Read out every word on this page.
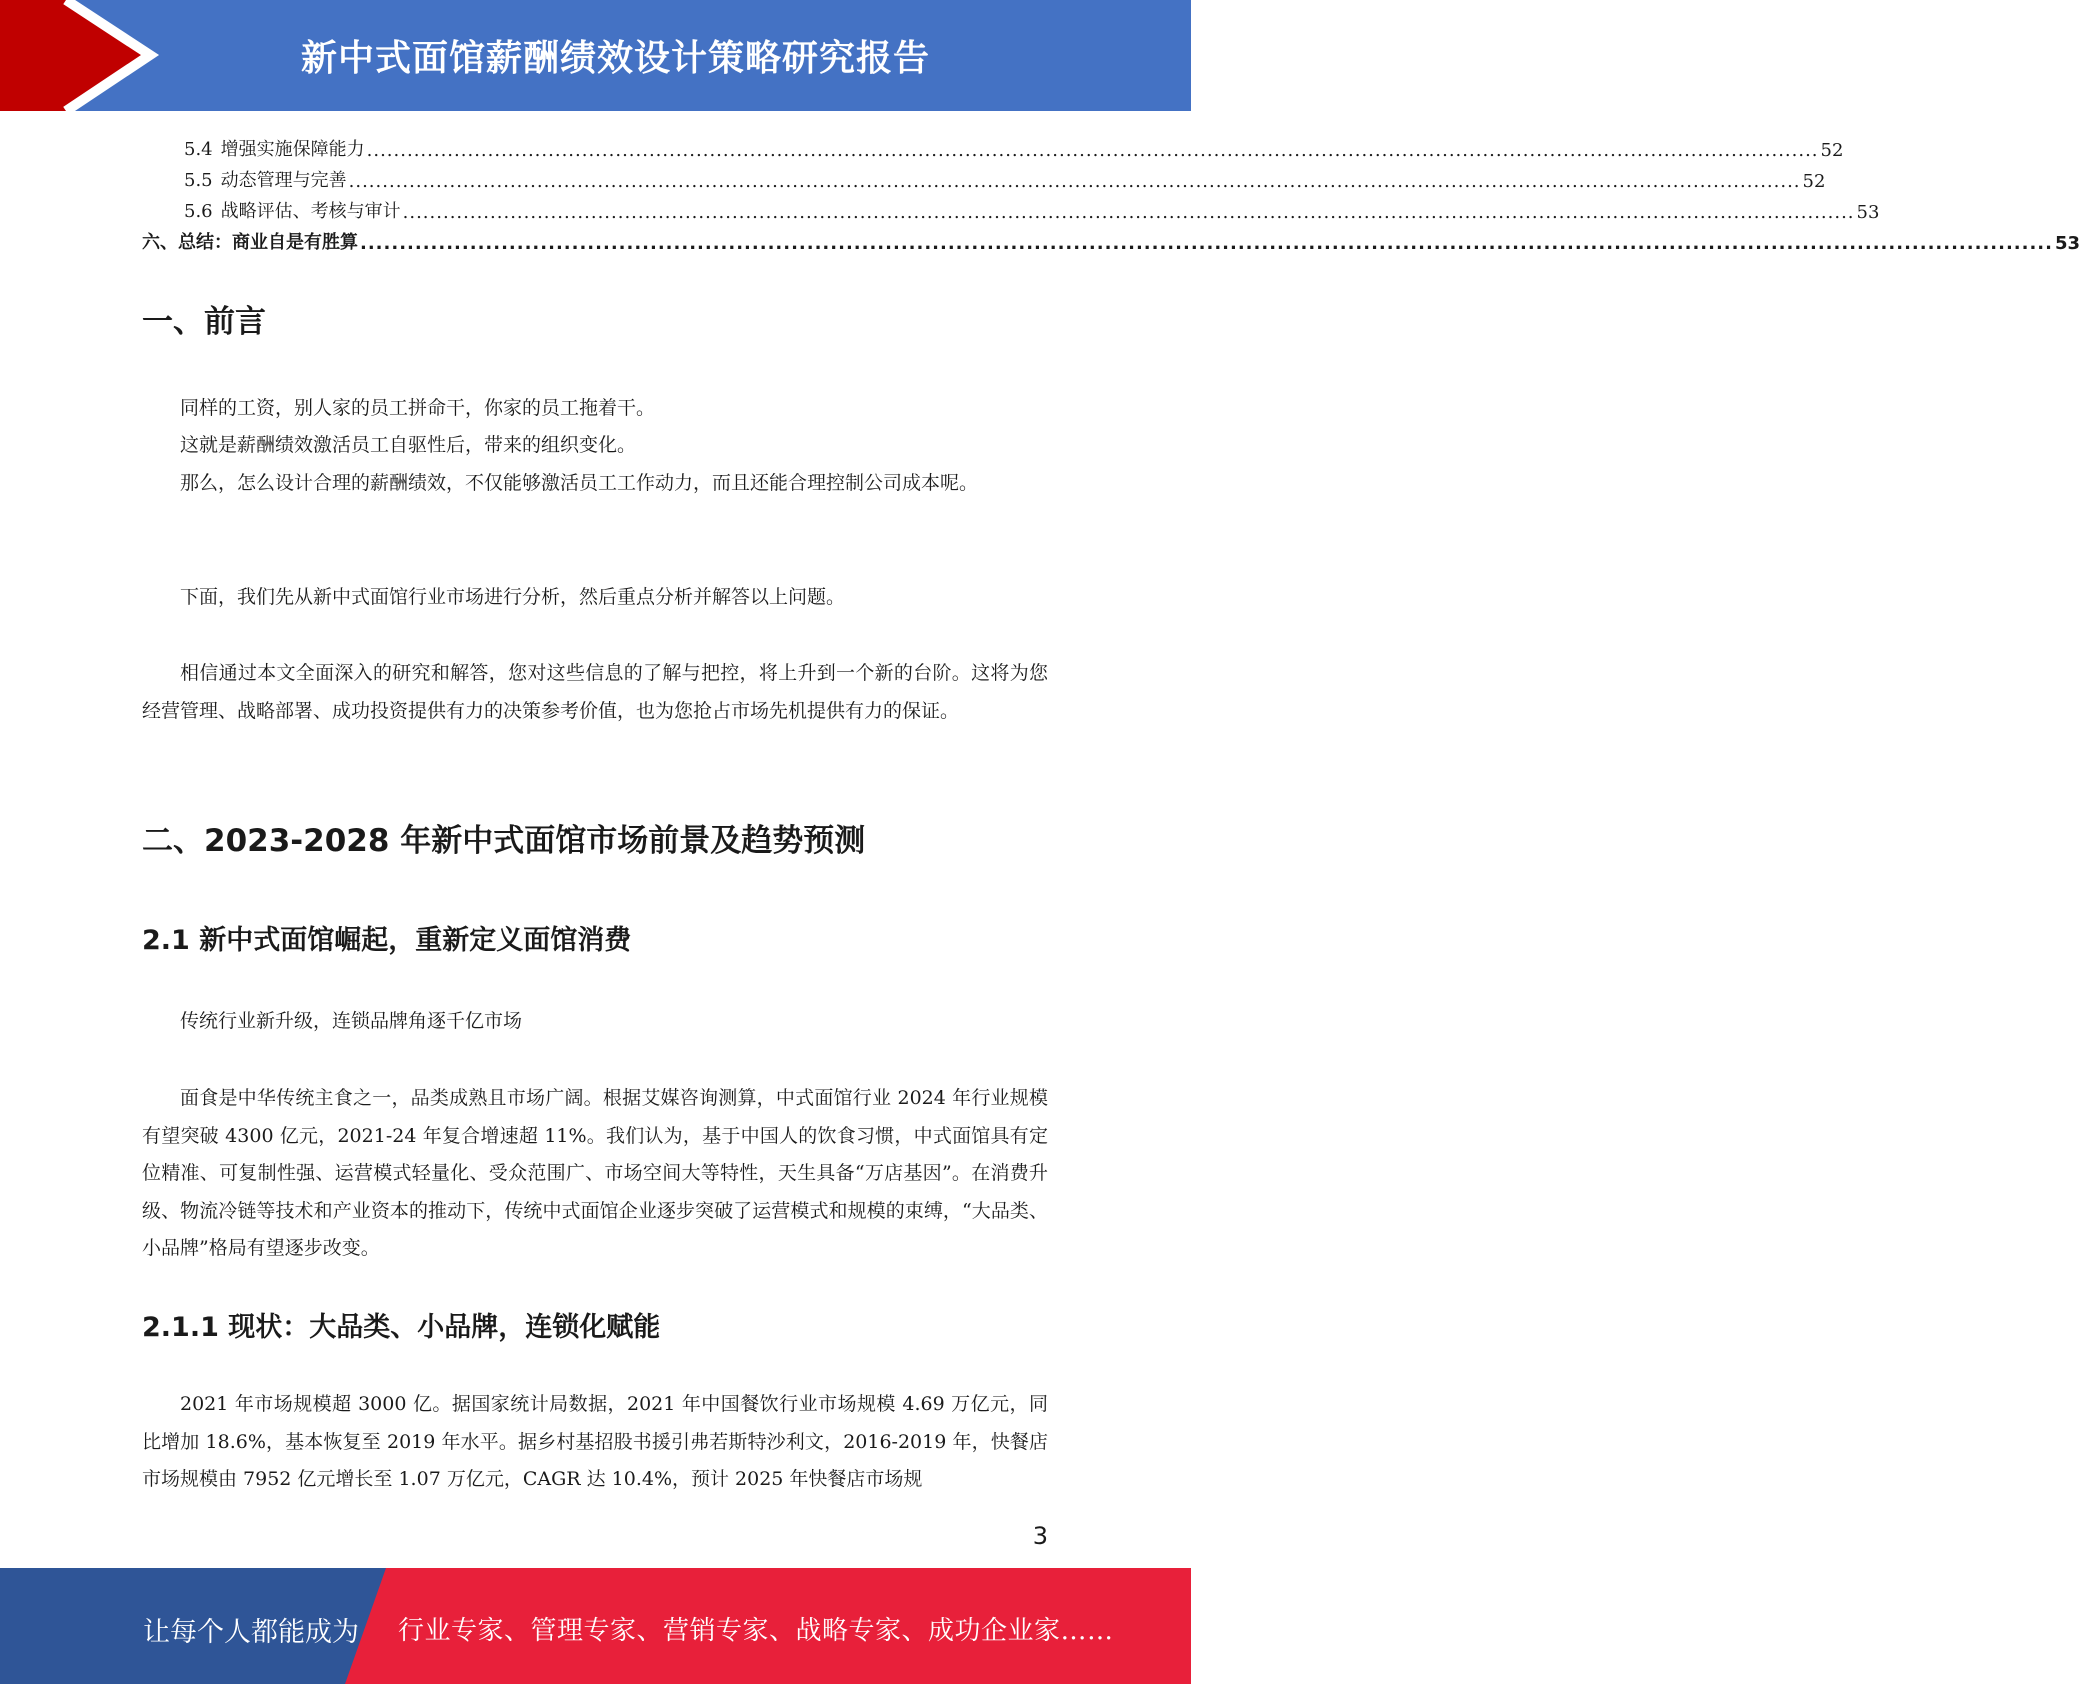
新中式面馆薪酬绩效设计策略研究报告
5.4 增强实施保障能力 ........................................................................................................................................................................................................................ 52
5.5 动态管理与完善 ........................................................................................................................................................................................................................ 52
5.6 战略评估、考核与审计 ........................................................................................................................................................................................................................ 53
六、总结：商业自是有胜算 ........................................................................................................................................................................................................................ 53
一、前言
同样的工资，别人家的员工拼命干，你家的员工拖着干。
这就是薪酬绩效激活员工自驱性后，带来的组织变化。
那么，怎么设计合理的薪酬绩效，不仅能够激活员工工作动力，而且还能合理控制公司成本呢。
下面，我们先从新中式面馆行业市场进行分析，然后重点分析并解答以上问题。
相信通过本文全面深入的研究和解答，您对这些信息的了解与把控，将上升到一个新的台阶。这将为您经营管理、战略部署、成功投资提供有力的决策参考价值，也为您抢占市场先机提供有力的保证。
二、2023-2028 年新中式面馆市场前景及趋势预测
2.1 新中式面馆崛起，重新定义面馆消费
传统行业新升级，连锁品牌角逐千亿市场
面食是中华传统主食之一，品类成熟且市场广阔。根据艾媒咨询测算，中式面馆行业 2024 年行业规模有望突破 4300 亿元，2021-24 年复合增速超 11%。我们认为，基于中国人的饮食习惯，中式面馆具有定位精准、可复制性强、运营模式轻量化、受众范围广、市场空间大等特性，天生具备“万店基因”。在消费升级、物流冷链等技术和产业资本的推动下，传统中式面馆企业逐步突破了运营模式和规模的束缚，“大品类、小品牌”格局有望逐步改变。
2.1.1 现状：大品类、小品牌，连锁化赋能
2021 年市场规模超 3000 亿。据国家统计局数据，2021 年中国餐饮行业市场规模 4.69 万亿元，同比增加 18.6%，基本恢复至 2019 年水平。据乡村基招股书援引弗若斯特沙利文，2016-2019 年，快餐店市场规模由 7952 亿元增长至 1.07 万亿元，CAGR 达 10.4%，预计 2025 年快餐店市场规
3
让每个人都能成为 行业专家、管理专家、营销专家、战略专家、成功企业家……
